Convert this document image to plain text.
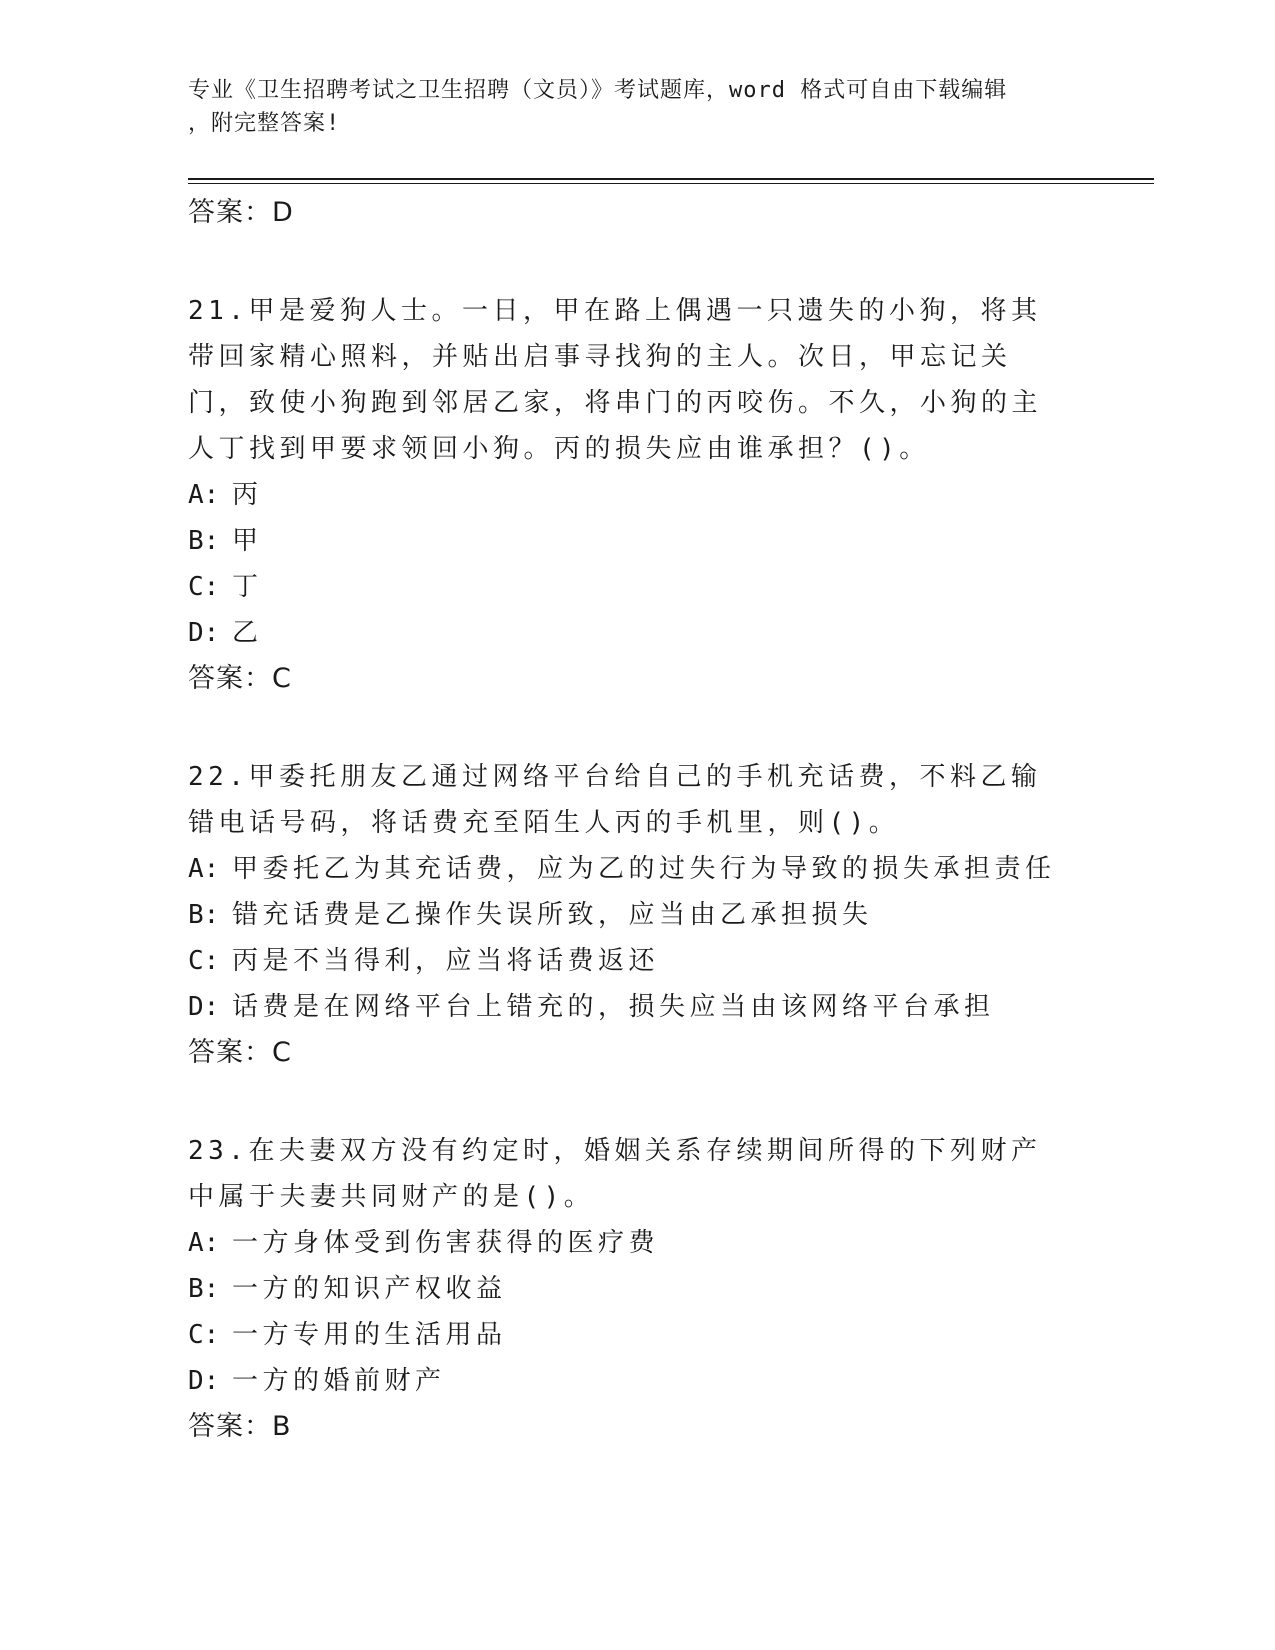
专业《卫生招聘考试之卫生招聘（文员）》考试题库，word 格式可自由下载编辑
，附完整答案!
答案：D
21.甲是爱狗人士。一日，甲在路上偶遇一只遗失的小狗，将其带回家精心照料，并贴出启事寻找狗的主人。次日，甲忘记关门，致使小狗跑到邻居乙家，将串门的丙咬伤。不久，小狗的主人丁找到甲要求领回小狗。丙的损失应由谁承担？()。
A: 丙
B: 甲
C: 丁
D: 乙
答案：C
22.甲委托朋友乙通过网络平台给自己的手机充话费，不料乙输错电话号码，将话费充至陌生人丙的手机里，则()。
A: 甲委托乙为其充话费，应为乙的过失行为导致的损失承担责任
B: 错充话费是乙操作失误所致，应当由乙承担损失
C: 丙是不当得利，应当将话费返还
D: 话费是在网络平台上错充的，损失应当由该网络平台承担
答案：C
23.在夫妻双方没有约定时，婚姻关系存续期间所得的下列财产中属于夫妻共同财产的是()。
A: 一方身体受到伤害获得的医疗费
B: 一方的知识产权收益
C: 一方专用的生活用品
D: 一方的婚前财产
答案：B
